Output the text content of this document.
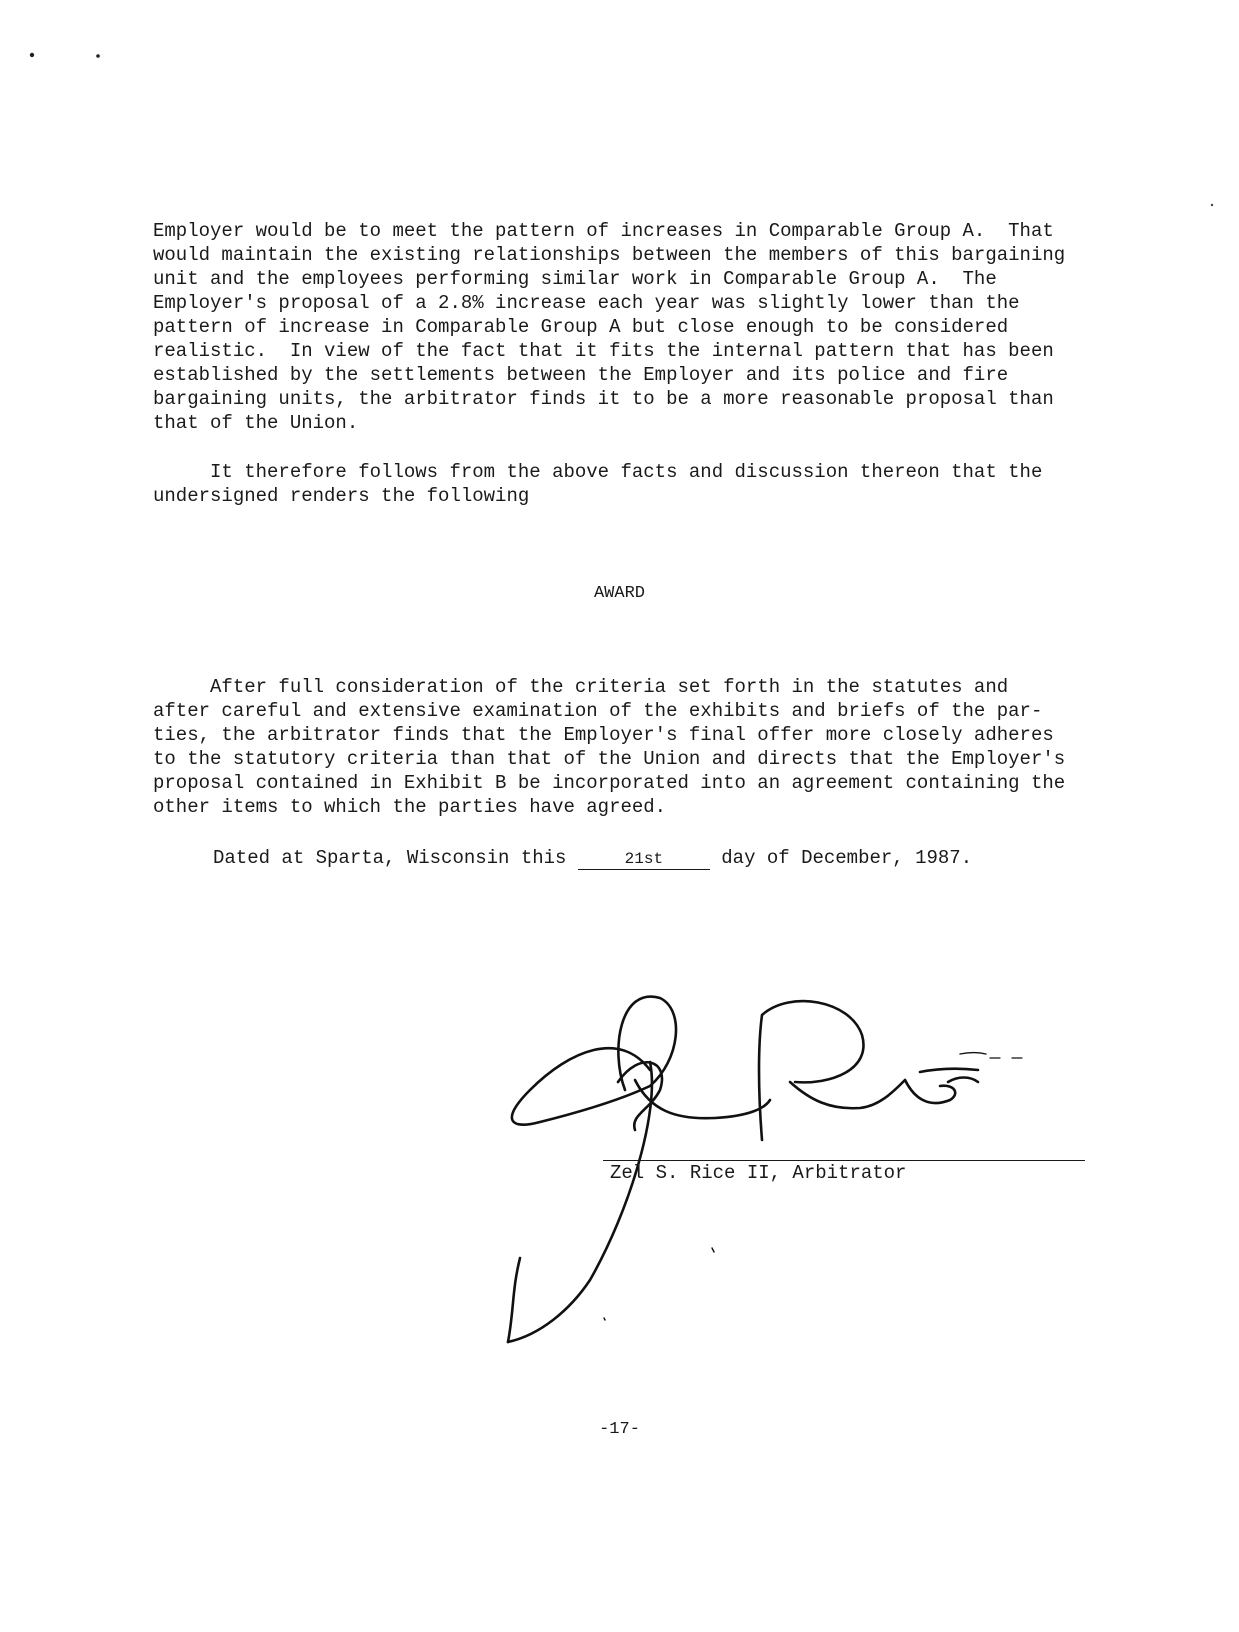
Employer would be to meet the pattern of increases in Comparable Group A.  That
would maintain the existing relationships between the members of this bargaining
unit and the employees performing similar work in Comparable Group A.  The
Employer's proposal of a 2.8% increase each year was slightly lower than the
pattern of increase in Comparable Group A but close enough to be considered
realistic.  In view of the fact that it fits the internal pattern that has been
established by the settlements between the Employer and its police and fire
bargaining units, the arbitrator finds it to be a more reasonable proposal than
that of the Union.
It therefore follows from the above facts and discussion thereon that the
undersigned renders the following
AWARD
After full consideration of the criteria set forth in the statutes and
after careful and extensive examination of the exhibits and briefs of the par-
ties, the arbitrator finds that the Employer's final offer more closely adheres
to the statutory criteria than that of the Union and directs that the Employer's
proposal contained in Exhibit B be incorporated into an agreement containing the
other items to which the parties have agreed.
Dated at Sparta, Wisconsin this	21st day of December, 1987.
Zel S. Rice II, Arbitrator
-17-
